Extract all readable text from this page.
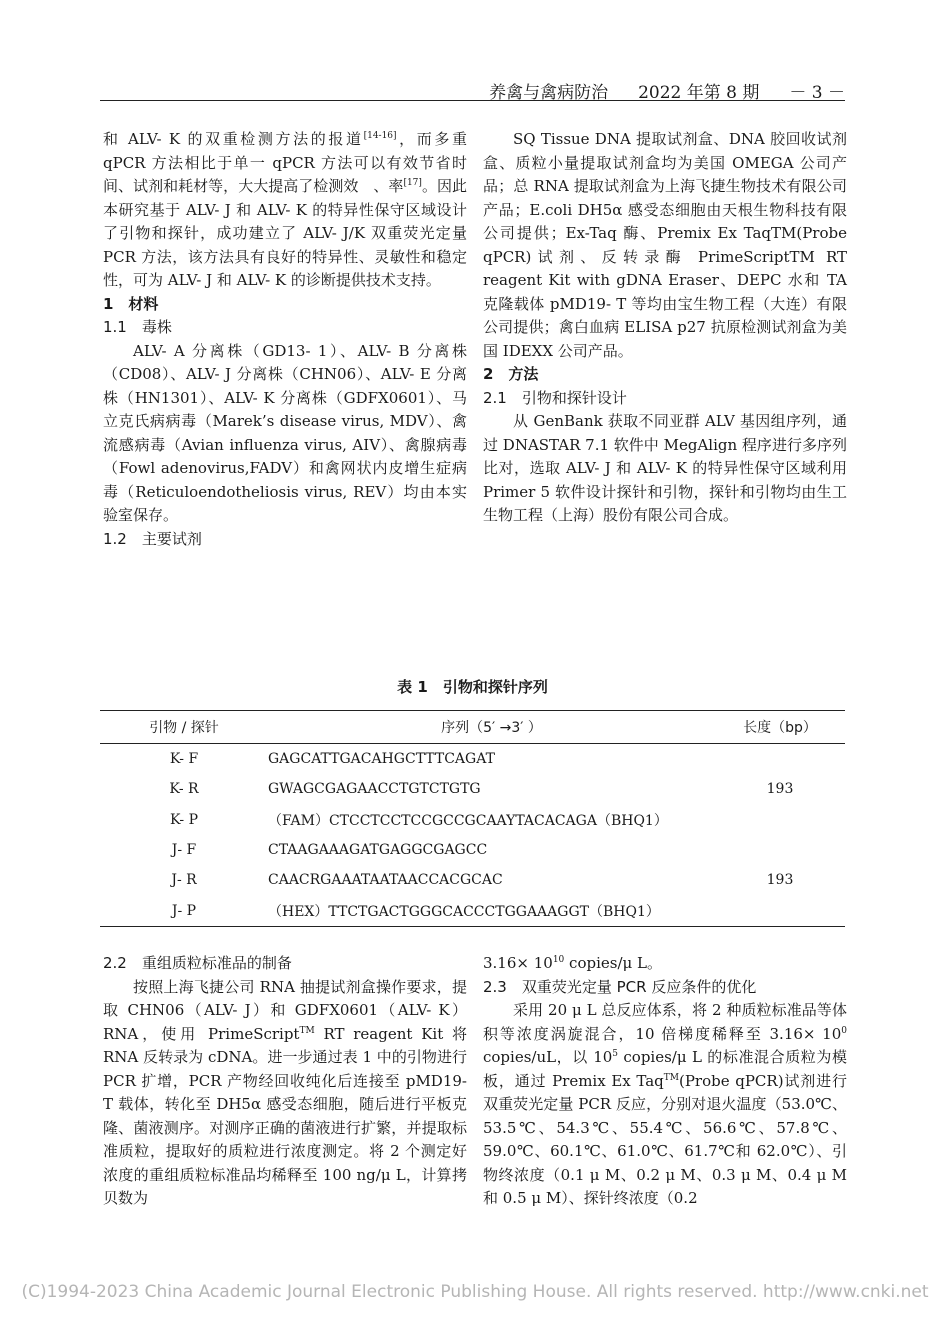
养禽与禽病防治 2022 年第 8 期 － 3 －

和 ALV- K 的双重检测方法的报道[14-16]，而多重 qPCR 方法相比于单一 qPCR 方法可以有效节省时间、试剂和耗材等，大大提高了检测效　、率[17]。因此本研究基于 ALV- J 和 ALV- K 的特异性保守区域设计了引物和探针，成功建立了 ALV- J/K 双重荧光定量 PCR 方法，该方法具有良好的特异性、灵敏性和稳定性，可为 ALV- J 和 ALV- K 的诊断提供技术支持。

1　材料

1.1　毒株

ALV- A 分离株（GD13- 1）、ALV- B 分离株（CD08）、ALV- J 分离株（CHN06）、ALV- E 分离株（HN1301）、ALV- K 分离株（GDFX0601）、马立克氏病病毒（Marek’s disease virus, MDV）、禽流感病毒（Avian influenza virus, AIV）、禽腺病毒（Fowl adenovirus,FADV）和禽网状内皮增生症病毒（Reticuloendotheliosis virus, REV）均由本实验室保存。

1.2　主要试剂

SQ Tissue DNA 提取试剂盒、DNA 胶回收试剂盒、质粒小量提取试剂盒均为美国 OMEGA 公司产品；总 RNA 提取试剂盒为上海飞捷生物技术有限公司产品；E.coli DH5α 感受态细胞由天根生物科技有限公司提供；Ex-Taq 酶、Premix Ex TaqTM(Probe qPCR)试剂、反转录酶 PrimeScriptTM RT reagent Kit with gDNA Eraser、DEPC 水和 TA 克隆载体 pMD19- T 等均由宝生物工程（大连）有限公司提供；禽白血病 ELISA p27 抗原检测试剂盒为美国 IDEXX 公司产品。

2　方法

2.1　引物和探针设计

从 GenBank 获取不同亚群 ALV 基因组序列，通过 DNASTAR 7.1 软件中 MegAlign 程序进行多序列比对，选取 ALV- J 和 ALV- K 的特异性保守区域利用 Primer 5 软件设计探针和引物，探针和引物均由生工生物工程（上海）股份有限公司合成。

表 1　引物和探针序列
引物 / 探针	序列（5′ →3′ ）	长度（bp）
K- F	GAGCATTGACAHGCTTTCAGAT	
K- R	GWAGCGAGAACCTGTCTGTG	193
K- P	（FAM）CTCCTCCTCCGCCGCAAYTACACAGA（BHQ1）	
J- F	CTAAGAAAGATGAGGCGAGCC	
J- R	CAACRGAAATAATAACCACGCAC	193
J- P	（HEX）TTCTGACTGGGCACCCTGGAAAGGT（BHQ1）	

2.2　重组质粒标准品的制备

按照上海飞捷公司 RNA 抽提试剂盒操作要求，提取 CHN06（ALV- J）和 GDFX0601（ALV- K）RNA，使用 PrimeScript™ RT reagent Kit 将 RNA 反转录为 cDNA。进一步通过表 1 中的引物进行 PCR 扩增，PCR 产物经回收纯化后连接至 pMD19- T 载体，转化至 DH5α 感受态细胞，随后进行平板克隆、菌液测序。对测序正确的菌液进行扩繁，并提取标准质粒，提取好的质粒进行浓度测定。将 2 个测定好浓度的重组质粒标准品均稀释至 100 ng/μ L，计算拷贝数为

$3.16\times 10^{10}$ copies/μ L。

2.3　双重荧光定量 PCR 反应条件的优化

采用 20 μ L 总反应体系，将 2 种质粒标准品等体积等浓度涡旋混合，10 倍梯度稀释至 $3.16\times 10^0$ copies/uL，以 $10^5$ copies/μ L 的标准混合质粒为模板，通过 Premix Ex Taq™(Probe qPCR)试剂进行双重荧光定量 PCR 反应，分别对退火温度（53.0℃、53.5℃、54.3℃、55.4℃、56.6℃、57.8℃、59.0℃、60.1℃、61.0℃、61.7℃和 62.0℃）、引物终浓度（0.1 μ M、0.2 μ M、0.3 μ M、0.4 μ M 和 0.5 μ M）、探针终浓度（0.2

(C)1994-2023 China Academic Journal Electronic Publishing House. All rights reserved. http://www.cnki.net
